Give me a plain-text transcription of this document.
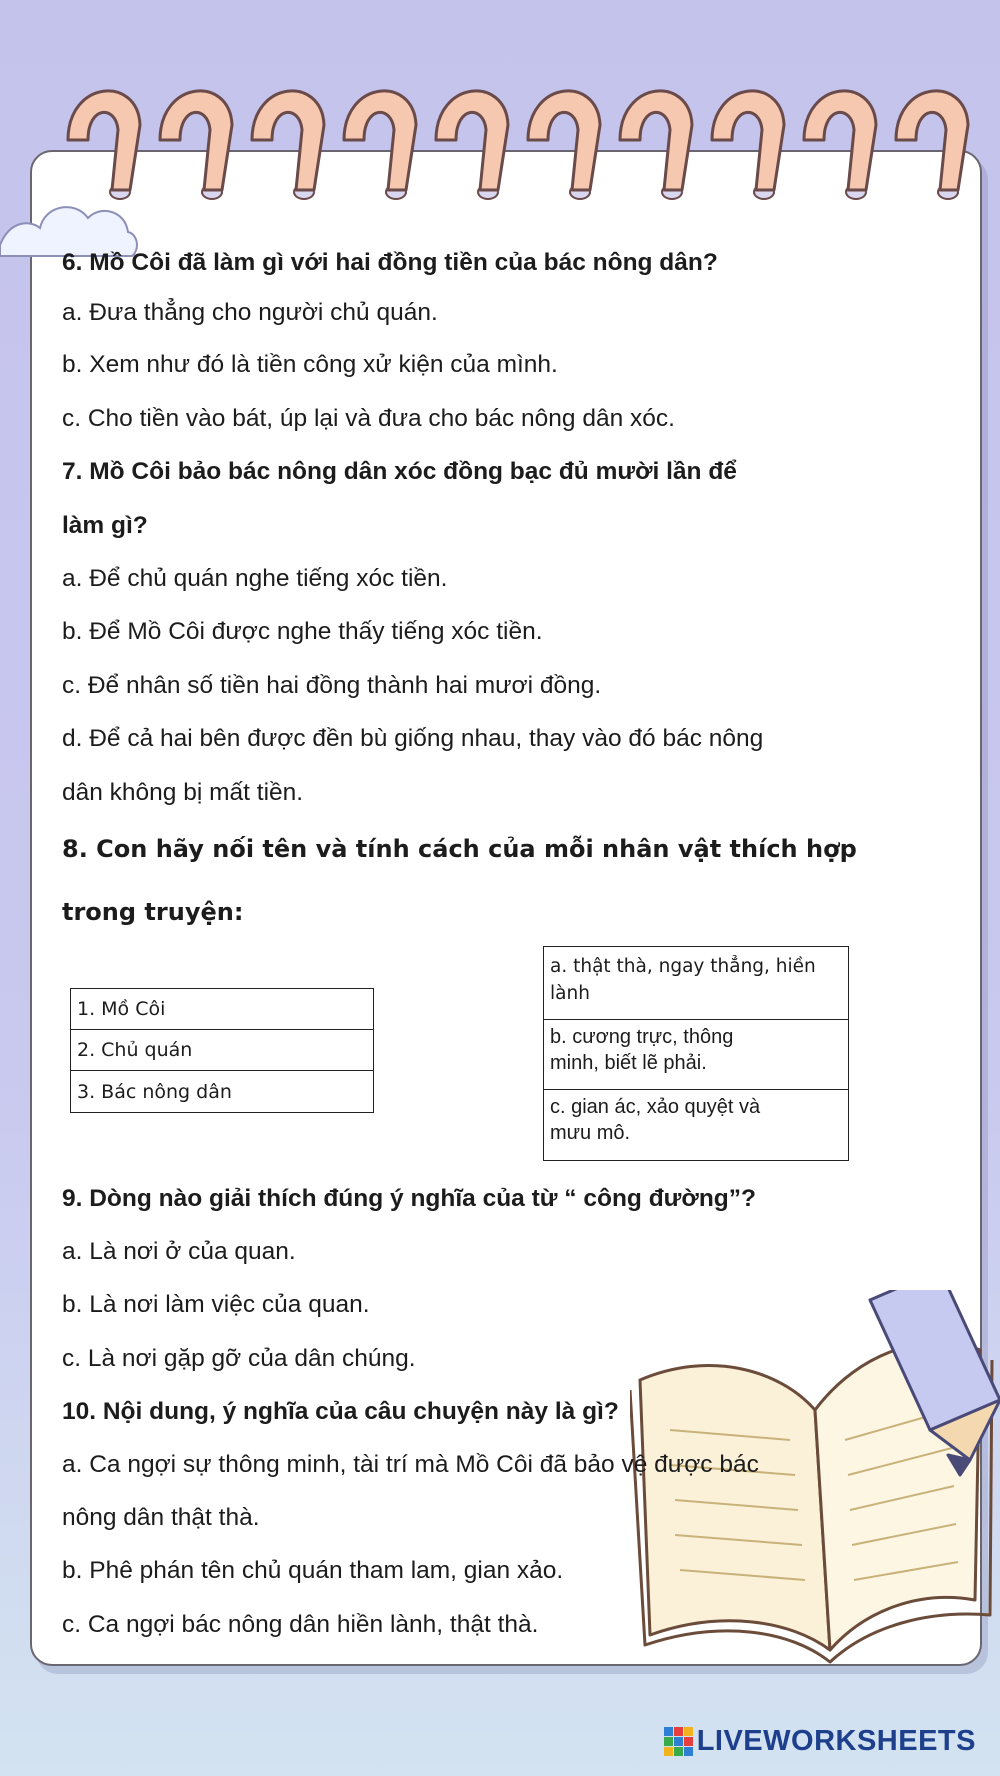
6. Mồ Côi đã làm gì với hai đồng tiền của bác nông dân?
a. Đưa thẳng cho người chủ quán.
b. Xem như đó là tiền công xử kiện của mình.
c. Cho tiền vào bát, úp lại và đưa cho bác nông dân xóc.
7. Mồ Côi bảo bác nông dân xóc đồng bạc đủ mười lần để
làm gì?
a. Để chủ quán nghe tiếng xóc tiền.
b. Để Mồ Côi được nghe thấy tiếng xóc tiền.
c. Để nhân số tiền hai đồng thành hai mươi đồng.
d. Để cả hai bên được đền bù giống nhau, thay vào đó bác nông
dân không bị mất tiền.
8. Con hãy nối tên và tính cách của mỗi nhân vật thích hợp
trong truyện:
1. Mồ Côi
2. Chủ quán
3. Bác nông dân
a. thật thà, ngay thẳng, hiền
lành
b. cương trực, thông
minh, biết lẽ phải.
c. gian ác, xảo quyệt và
mưu mô.
9. Dòng nào giải thích đúng ý nghĩa của từ “ công đường”?
a. Là nơi ở của quan.
b. Là nơi làm việc của quan.
c. Là nơi gặp gỡ của dân chúng.
10. Nội dung, ý nghĩa của câu chuyện này là gì?
a. Ca ngợi sự thông minh, tài trí mà Mồ Côi đã bảo vệ được bác
nông dân thật thà.
b. Phê phán tên chủ quán tham lam, gian xảo.
c. Ca ngợi bác nông dân hiền lành, thật thà.
LIVEWORKSHEETS
